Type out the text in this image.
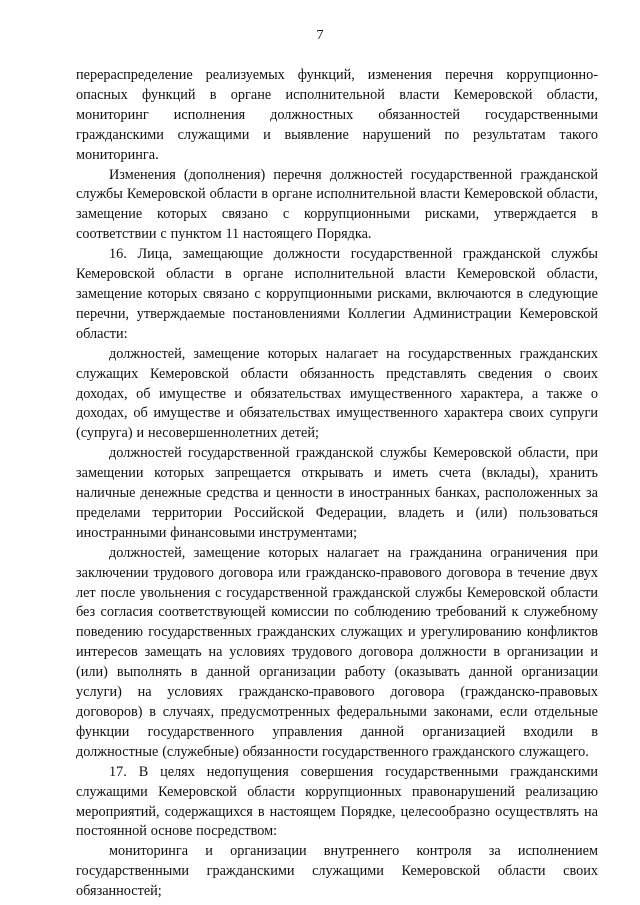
7

перераспределение реализуемых функций, изменения перечня коррупционно-опасных функций в органе исполнительной власти Кемеровской области, мониторинг исполнения должностных обязанностей государственными гражданскими служащими и выявление нарушений по результатам такого мониторинга.

Изменения (дополнения) перечня должностей государственной гражданской службы Кемеровской области в органе исполнительной власти Кемеровской области, замещение которых связано с коррупционными рисками, утверждается в соответствии с пунктом 11 настоящего Порядка.

16. Лица, замещающие должности государственной гражданской службы Кемеровской области в органе исполнительной власти Кемеровской области, замещение которых связано с коррупционными рисками, включаются в следующие перечни, утверждаемые постановлениями Коллегии Администрации Кемеровской области:

должностей, замещение которых налагает на государственных гражданских служащих Кемеровской области обязанность представлять сведения о своих доходах, об имуществе и обязательствах имущественного характера, а также о доходах, об имуществе и обязательствах имущественного характера своих супруги (супруга) и несовершеннолетних детей;

должностей государственной гражданской службы Кемеровской области, при замещении которых запрещается открывать и иметь счета (вклады), хранить наличные денежные средства и ценности в иностранных банках, расположенных за пределами территории Российской Федерации, владеть и (или) пользоваться иностранными финансовыми инструментами;

должностей, замещение которых налагает на гражданина ограничения при заключении трудового договора или гражданско-правового договора в течение двух лет после увольнения с государственной гражданской службы Кемеровской области без согласия соответствующей комиссии по соблюдению требований к служебному поведению государственных гражданских служащих и урегулированию конфликтов интересов замещать на условиях трудового договора должности в организации и (или) выполнять в данной организации работу (оказывать данной организации услуги) на условиях гражданско-правового договора (гражданско-правовых договоров) в случаях, предусмотренных федеральными законами, если отдельные функции государственного управления данной организацией входили в должностные (служебные) обязанности государственного гражданского служащего.

17. В целях недопущения совершения государственными гражданскими служащими Кемеровской области коррупционных правонарушений реализацию мероприятий, содержащихся в настоящем Порядке, целесообразно осуществлять на постоянной основе посредством:

мониторинга и организации внутреннего контроля за исполнением государственными гражданскими служащими Кемеровской области своих обязанностей;
